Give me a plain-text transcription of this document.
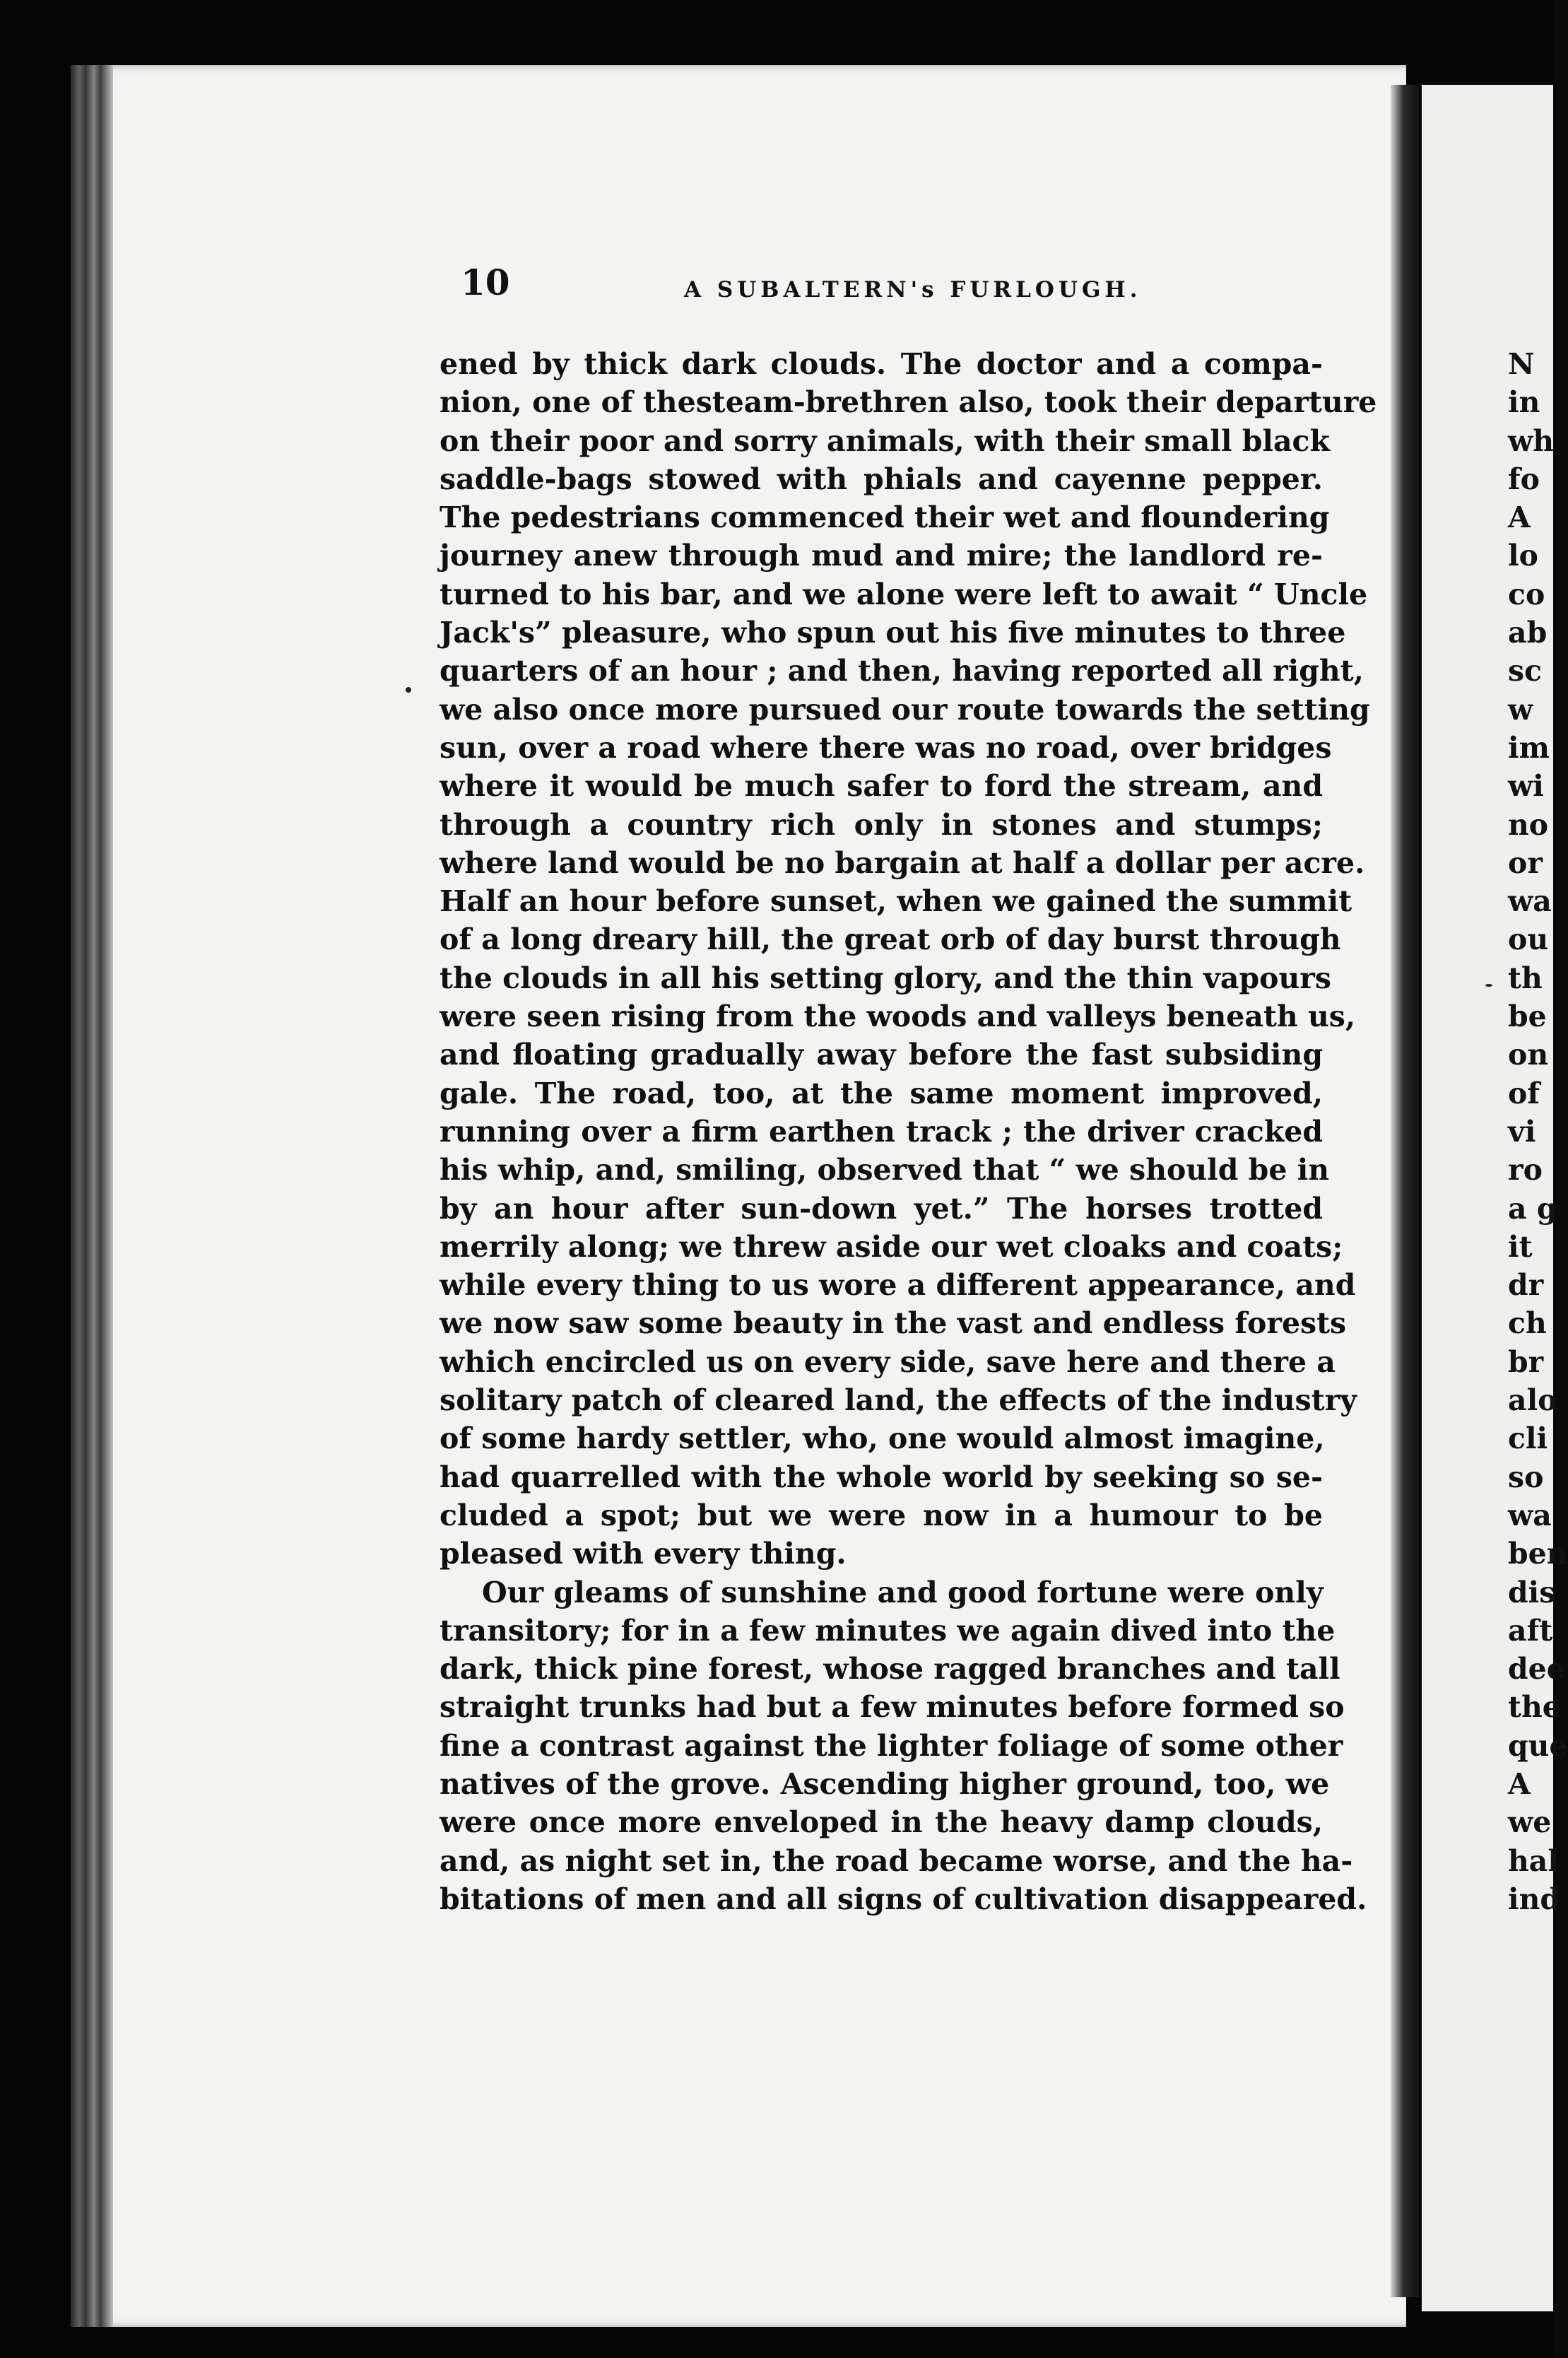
10	A SUBALTERN's FURLOUGH.
ened by thick dark clouds. The doctor and a compa-
nion, one of thesteam-brethren also, took their departure
on their poor and sorry animals, with their small black
saddle-bags stowed with phials and cayenne pepper.
The pedestrians commenced their wet and floundering
journey anew through mud and mire; the landlord re-
turned to his bar, and we alone were left to await “ Uncle
Jack's” pleasure, who spun out his five minutes to three
quarters of an hour ; and then, having reported all right,
we also once more pursued our route towards the setting
sun, over a road where there was no road, over bridges
where it would be much safer to ford the stream, and
through a country rich only in stones and stumps;
where land would be no bargain at half a dollar per acre.
Half an hour before sunset, when we gained the summit
of a long dreary hill, the great orb of day burst through
the clouds in all his setting glory, and the thin vapours
were seen rising from the woods and valleys beneath us,
and floating gradually away before the fast subsiding
gale. The road, too, at the same moment improved,
running over a firm earthen track ; the driver cracked
his whip, and, smiling, observed that “ we should be in
by an hour after sun-down yet.” The horses trotted
merrily along; we threw aside our wet cloaks and coats;
while every thing to us wore a different appearance, and
we now saw some beauty in the vast and endless forests
which encircled us on every side, save here and there a
solitary patch of cleared land, the effects of the industry
of some hardy settler, who, one would almost imagine,
had quarrelled with the whole world by seeking so se-
cluded a spot; but we were now in a humour to be
pleased with every thing.
Our gleams of sunshine and good fortune were only
transitory; for in a few minutes we again dived into the
dark, thick pine forest, whose ragged branches and tall
straight trunks had but a few minutes before formed so
fine a contrast against the lighter foliage of some other
natives of the grove. Ascending higher ground, too, we
were once more enveloped in the heavy damp clouds,
and, as night set in, the road became worse, and the ha-
bitations of men and all signs of cultivation disappeared.
N
in
wh
fo
A
lo
co
ab
sc
w
im
wi
no
or
wa
ou
th
be
on
of
vi
ro
a g
it
dr
ch
br
alo
cli
so
wa
ben
dis
aft
dee
the
que
A
we
hal
ind
